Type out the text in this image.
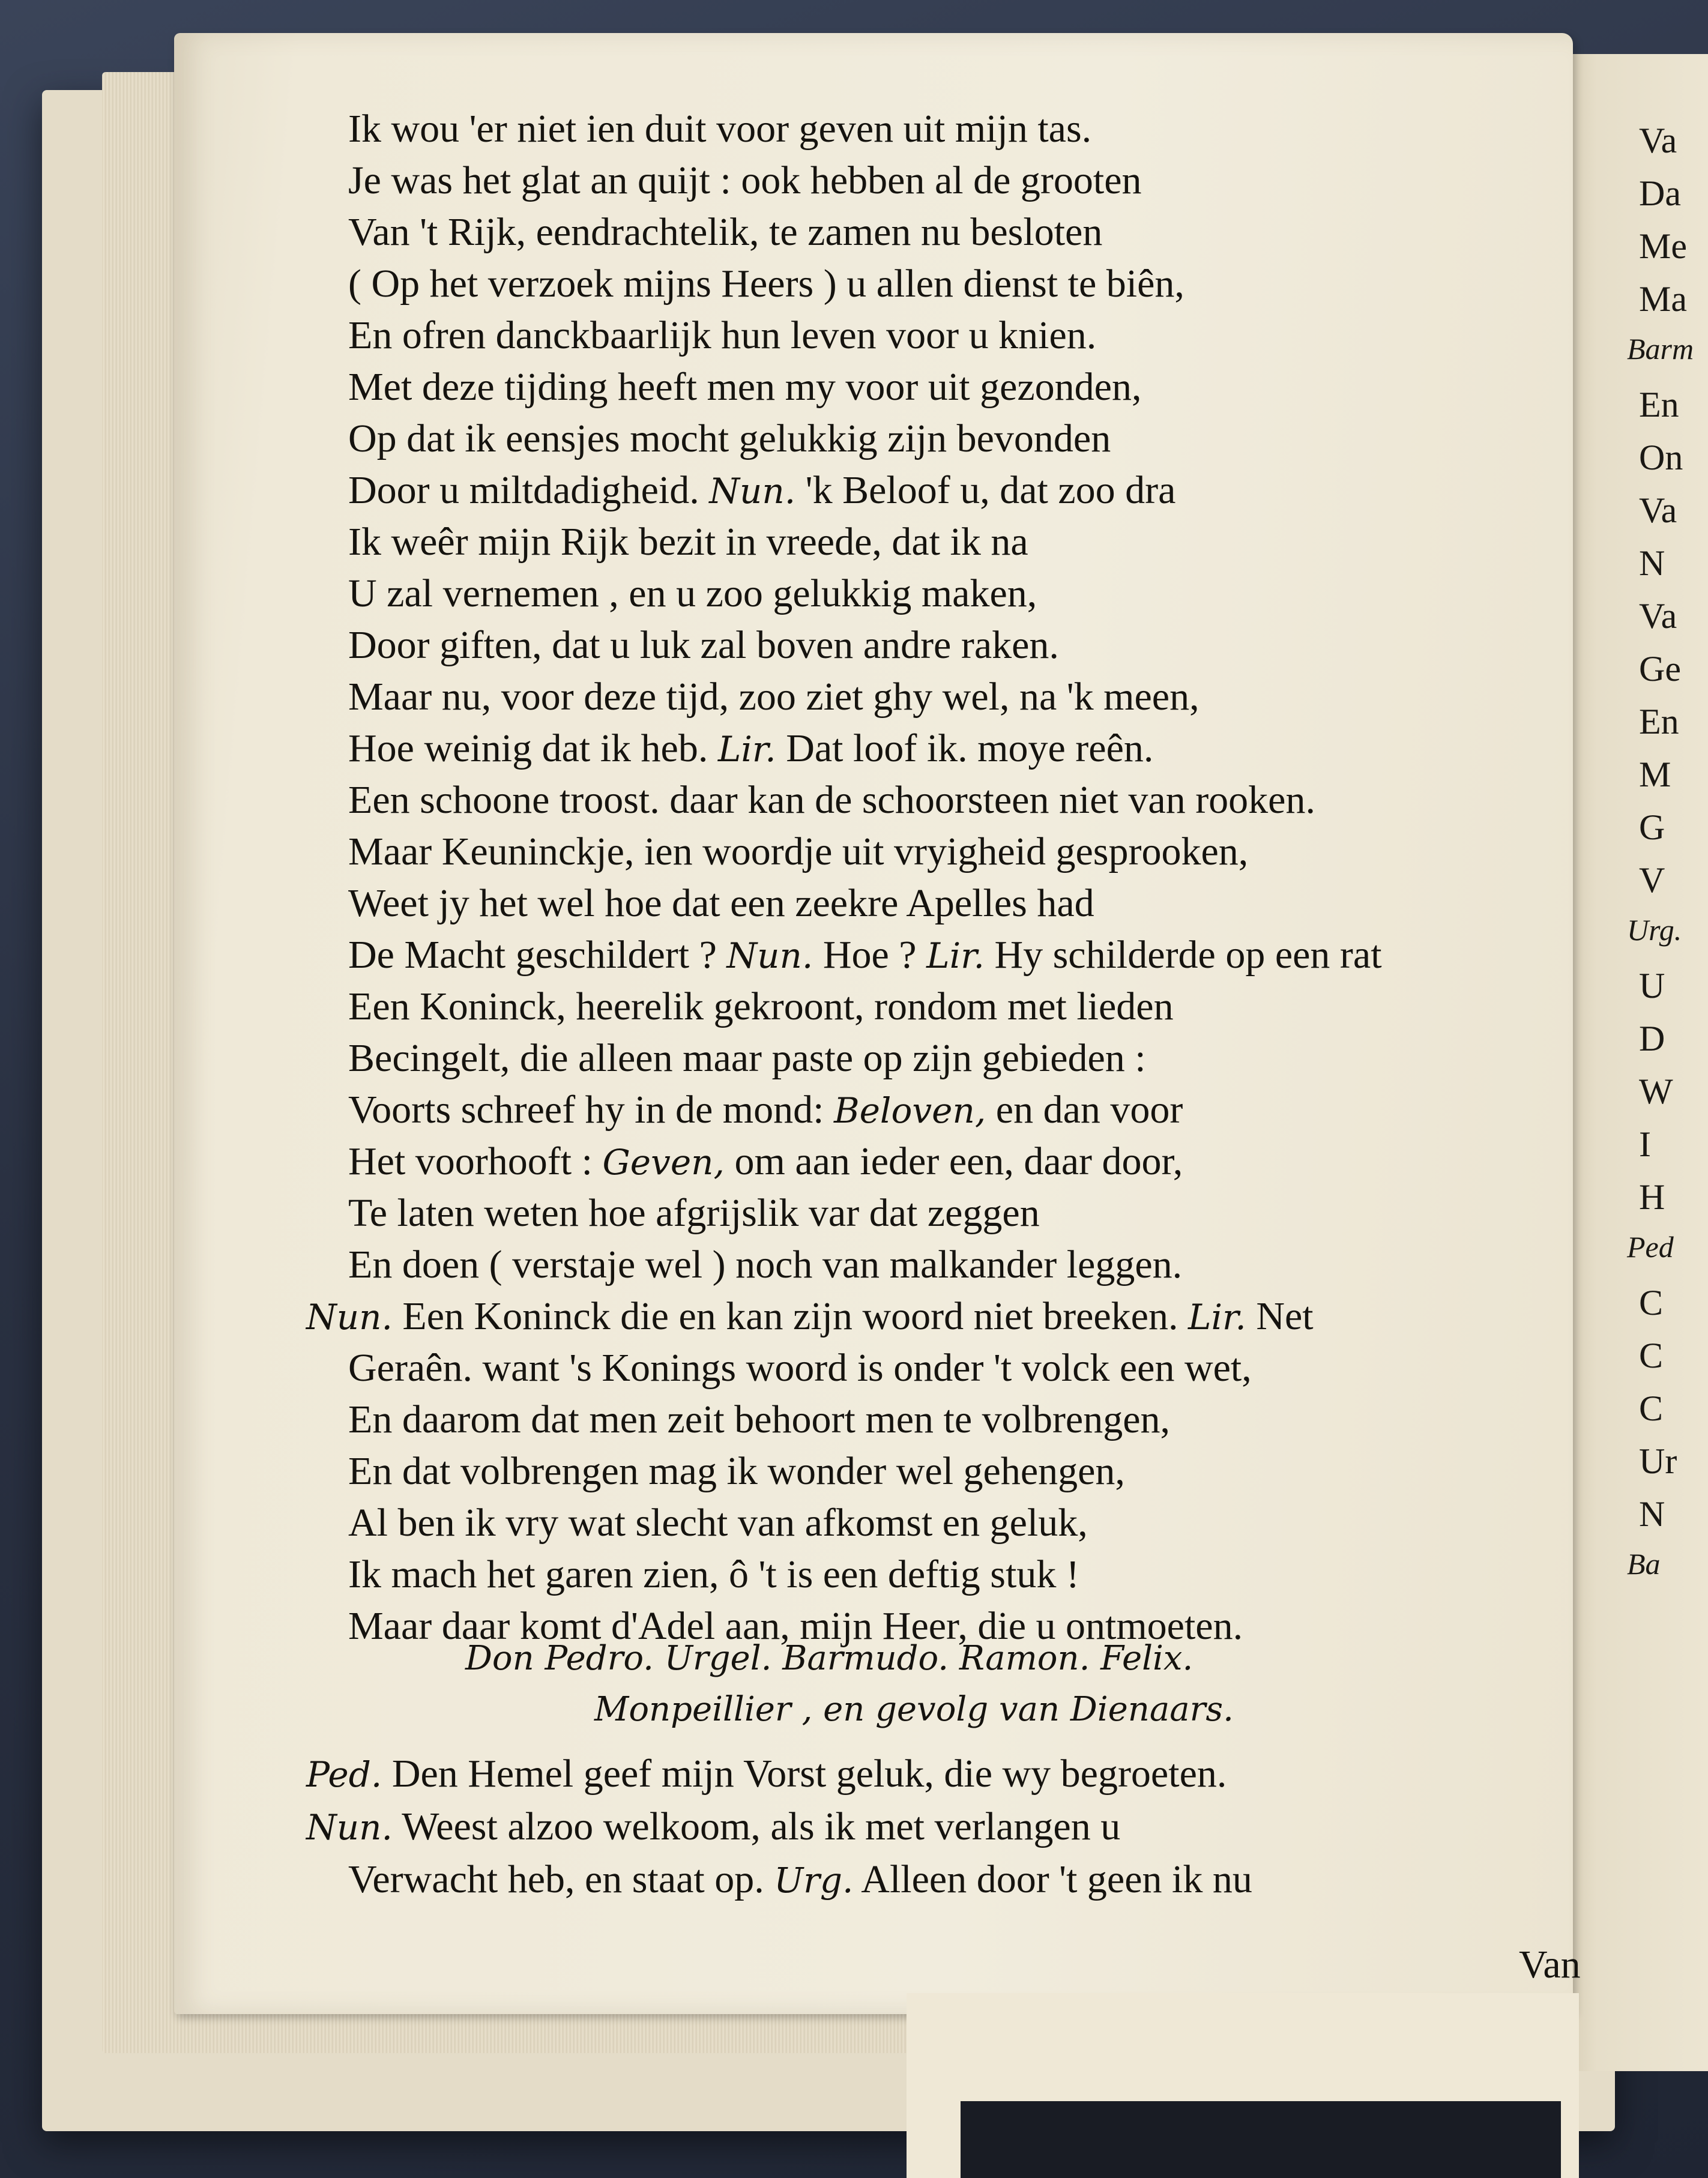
Va
Da
Me
Ma
Barm
En
On
Va
N
Va
Ge
En
M
G
V
Urg.
U
D
W
I
H
Ped
C
C
C
Ur
N
Ba
Ik wou 'er niet ien duit voor geven uit mijn tas.
Je was het glat an quijt : ook hebben al de grooten
Van 't Rijk, eendrachtelik, te zamen nu besloten
( Op het verzoek mijns Heers ) u allen dienst te biên,
En ofren danckbaarlijk hun leven voor u knien.
Met deze tijding heeft men my voor uit gezonden,
Op dat ik eensjes mocht gelukkig zijn bevonden
Door u miltdadigheid. Nun. 'k Beloof u, dat zoo dra
Ik weêr mijn Rijk bezit in vreede, dat ik na
U zal vernemen , en u zoo gelukkig maken,
Door giften, dat u luk zal boven andre raken.
Maar nu, voor deze tijd, zoo ziet ghy wel, na 'k meen,
Hoe weinig dat ik heb. Lir. Dat loof ik. moye reên.
Een schoone troost. daar kan de schoorsteen niet van rooken.
Maar Keuninckje, ien woordje uit vryigheid gesprooken,
Weet jy het wel hoe dat een zeekre Apelles had
De Macht geschildert ? Nun. Hoe ? Lir. Hy schilderde op een rat
Een Koninck, heerelik gekroont, rondom met lieden
Becingelt, die alleen maar paste op zijn gebieden :
Voorts schreef hy in de mond: Beloven, en dan voor
Het voorhooft : Geven, om aan ieder een, daar door,
Te laten weten hoe afgrijslik var dat zeggen
En doen ( verstaje wel ) noch van malkander leggen.
Nun. Een Koninck die en kan zijn woord niet breeken. Lir. Net
Geraên. want 's Konings woord is onder 't volck een wet,
En daarom dat men zeit behoort men te volbrengen,
En dat volbrengen mag ik wonder wel gehengen,
Al ben ik vry wat slecht van afkomst en geluk,
Ik mach het garen zien, ô 't is een deftig stuk !
Maar daar komt d'Adel aan, mijn Heer, die u ontmoeten.
Ped. Den Hemel geef mijn Vorst geluk, die wy begroeten.
Nun. Weest alzoo welkoom, als ik met verlangen u
Verwacht heb, en staat op. Urg. Alleen door 't geen ik nu
Don Pedro. Urgel. Barmudo. Ramon. Felix.
Monpeillier , en gevolg van Dienaars.
Van
